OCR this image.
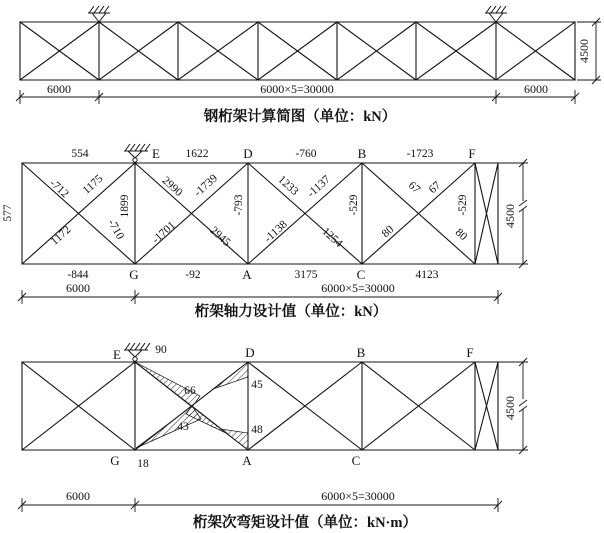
6000	6000×5=30000	6000
4500
钢桁架计算简图（单位：kN）
554	1622	-760	-1723
E	D	B	F
-844	G	-92	A	3175	C	4123
577	1899	-793	-529	-529
-712 1175
1172	-710
2990 -1739
-1701	2945
1233 -1137
-1138	1254
67 67
80	80
6000	6000×5=30000
4500
桁架轴力设计值（单位：kN）
E	D	B	F
G	A	C
90
66	45
43	48
18
6000	6000×5=30000
4500
桁架次弯矩设计值（单位：kN·m）
